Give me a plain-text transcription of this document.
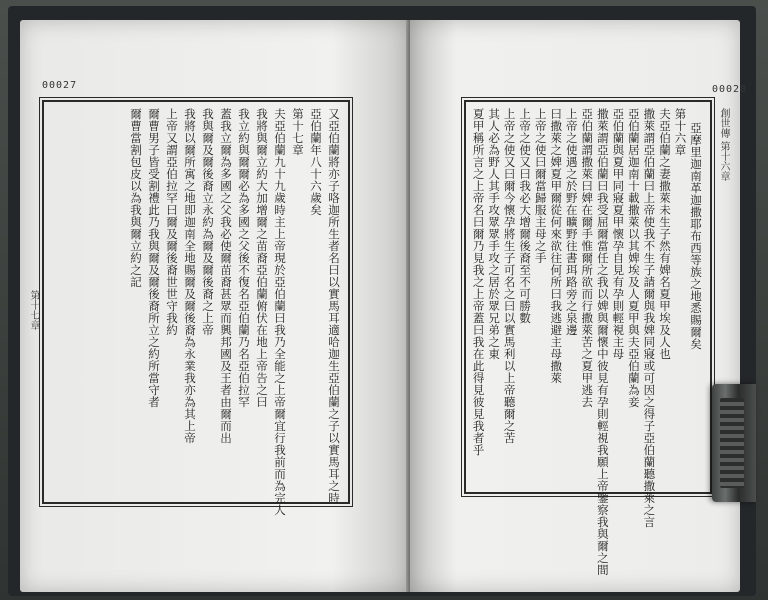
00027
又亞伯蘭將亦子咯迦所生者名曰以實馬耳適哈迦生亞伯蘭之子以實馬耳之時
亞伯蘭年八十六歲矣
第十七章
夫亞伯蘭九十九歲時主上帝現於亞伯蘭曰我乃全能之上帝爾宜行我前而為完人
我將與爾立約大加增爾之苗裔亞伯蘭俯伏在地上帝告之曰
我立約與爾爾必為多國之父後不復名亞伯蘭乃名亞伯拉罕
蓋我立爾為多國之父我必使爾苗裔甚眾而興邦國及王者由爾而出
我與爾及爾後裔立永約為爾及爾後裔之上帝
我將以爾所寓之地即迦南全地賜爾及爾後裔為永業我亦為其上帝
上帝又謂亞伯拉罕曰爾及爾後裔世世守我約
爾曹男子皆受割禮此乃我與爾及爾後裔所立之約所當守者
爾曹當割包皮以為我與爾立約之記
第十七章
00028
創世傳 第十六章
亞摩里迦南革迦撒耶布西等族之地悉賜爾矣
第十六章
夫亞伯蘭之妻撒萊未生子然有婢名夏甲埃及人也
撒萊謂亞伯蘭曰上帝使我不生子請爾與我婢同寢或可因之得子亞伯蘭聽撒萊之言
亞伯蘭居迦南十載撒萊以其婢埃及人夏甲與夫亞伯蘭為妾
亞伯蘭與夏甲同寢夏甲懷孕自見有孕則輕視主母
撒萊謂亞伯蘭曰我受屈爾當任之我以婢與爾懷中彼見有孕則輕視我願上帝鑒察我與爾之間
亞伯蘭謂撒萊曰婢在爾手惟爾所欲而行撒萊苦之夏甲逃去
上帝之使遇之於野在曠野往書珥路旁之泉邊
曰撒萊之婢夏甲爾從何來欲往何所曰我逃避主母撒萊
上帝之使曰爾當歸服主母之手
上帝之使又曰我必大增爾後裔至不可勝數
上帝之使又曰爾今懷孕將生子可名之曰以實馬利以上帝聽爾之苦
其人必為野人其手攻眾眾手攻之居於眾兄弟之東
夏甲稱所言之上帝名曰爾乃見我之上帝蓋曰我在此得見彼見我者乎
